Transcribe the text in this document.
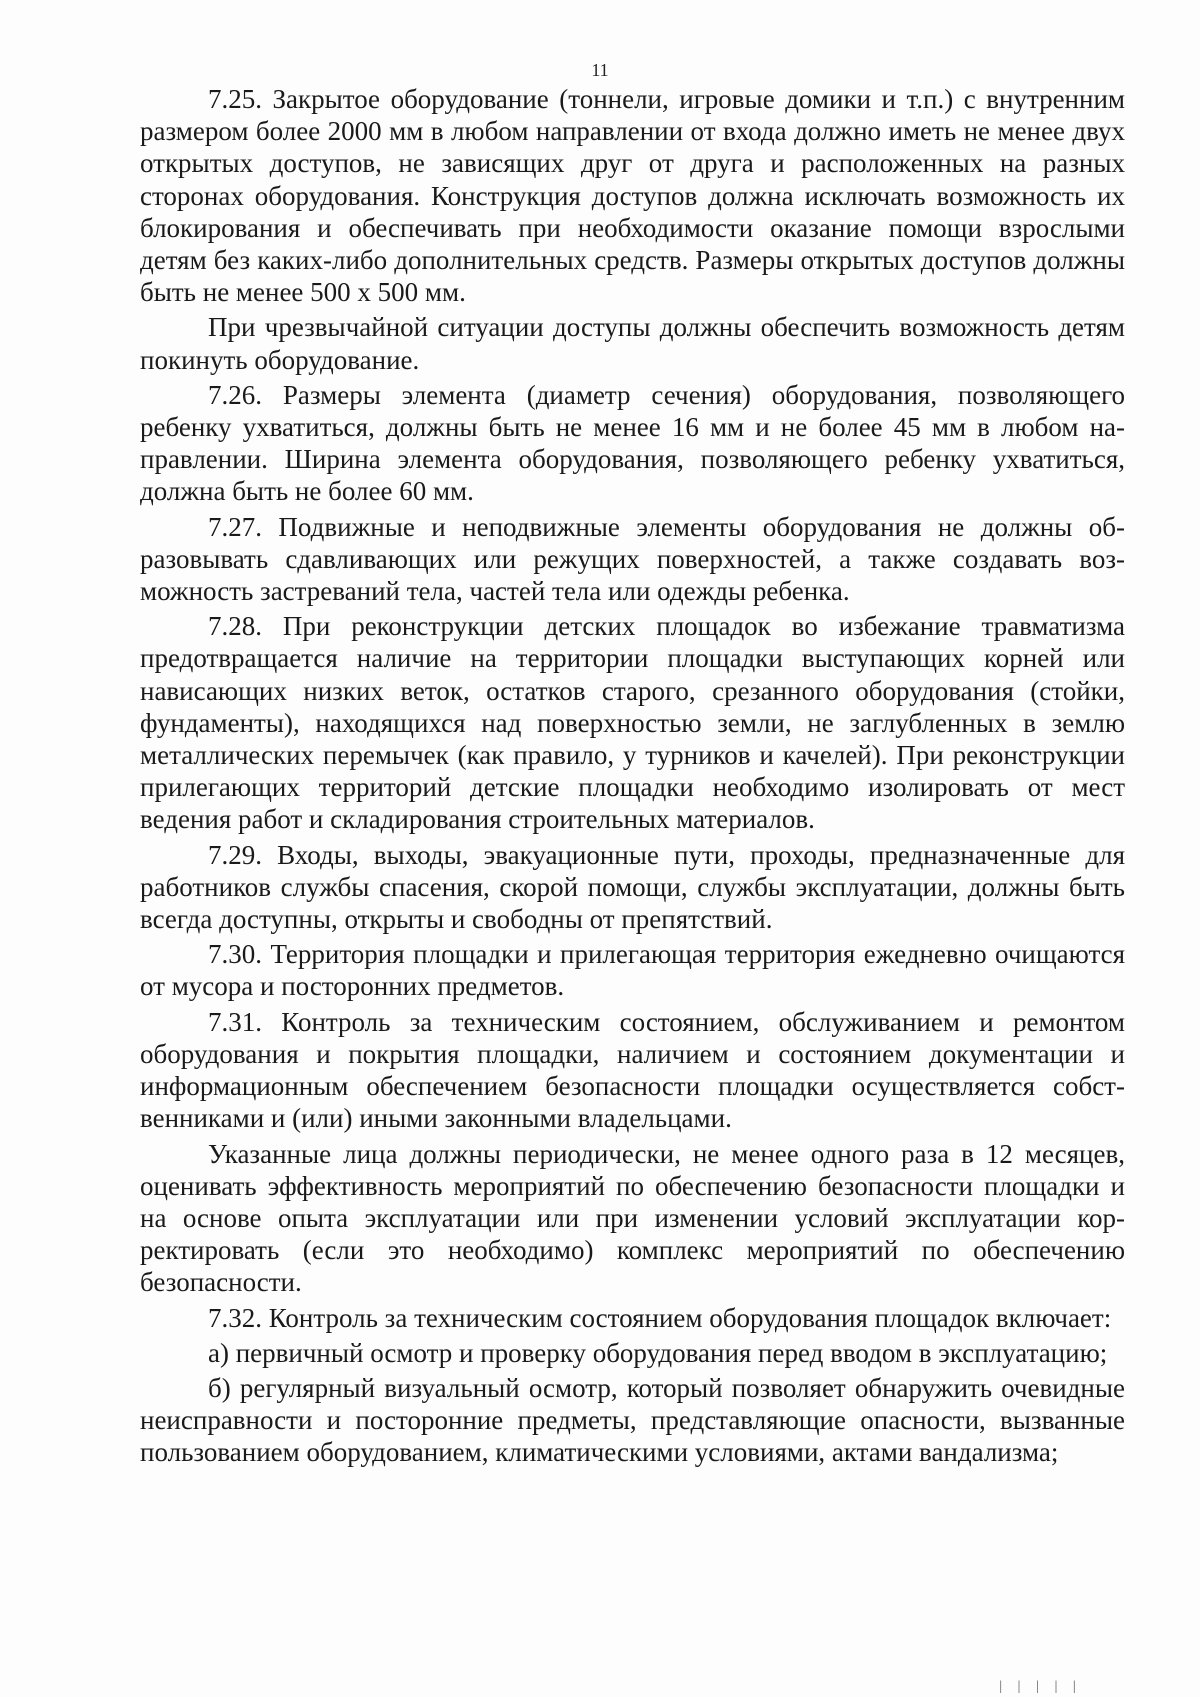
11

7.25. Закрытое оборудование (тоннели, игровые домики и т.п.) с внутренним размером более 2000 мм в любом направлении от входа должно иметь не менее двух открытых доступов, не зависящих друг от друга и расположенных на разных сторонах оборудования. Конструкция доступов должна исключать возможность их блокирования и обеспечивать при необходимости оказание помощи взрослыми детям без каких-либо дополнительных средств. Размеры открытых доступов должны быть не менее 500 х 500 мм.

При чрезвычайной ситуации доступы должны обеспечить возможность детям покинуть оборудование.

7.26. Размеры элемента (диаметр сечения) оборудования, позволяющего ребенку ухватиться, должны быть не менее 16 мм и не более 45 мм в любом направлении. Ширина элемента оборудования, позволяющего ребенку ухватиться, должна быть не более 60 мм.

7.27. Подвижные и неподвижные элементы оборудования не должны образовывать сдавливающих или режущих поверхностей, а также создавать возможность застреваний тела, частей тела или одежды ребенка.

7.28. При реконструкции детских площадок во избежание травматизма предотвращается наличие на территории площадки выступающих корней или нависающих низких веток, остатков старого, срезанного оборудования (стойки, фундаменты), находящихся над поверхностью земли, не заглубленных в землю металлических перемычек (как правило, у турников и качелей). При реконструкции прилегающих территорий детские площадки необходимо изолировать от мест ведения работ и складирования строительных материалов.

7.29. Входы, выходы, эвакуационные пути, проходы, предназначенные для работников службы спасения, скорой помощи, службы эксплуатации, должны быть всегда доступны, открыты и свободны от препятствий.

7.30. Территория площадки и прилегающая территория ежедневно очищаются от мусора и посторонних предметов.

7.31. Контроль за техническим состоянием, обслуживанием и ремонтом оборудования и покрытия площадки, наличием и состоянием документации и информационным обеспечением безопасности площадки осуществляется собственниками и (или) иными законными владельцами.

Указанные лица должны периодически, не менее одного раза в 12 месяцев, оценивать эффективность мероприятий по обеспечению безопасности площадки и на основе опыта эксплуатации или при изменении условий эксплуатации корректировать (если это необходимо) комплекс мероприятий по обеспечению безопасности.

7.32. Контроль за техническим состоянием оборудования площадок включает:

а) первичный осмотр и проверку оборудования перед вводом в эксплуатацию;

б) регулярный визуальный осмотр, который позволяет обнаружить очевидные неисправности и посторонние предметы, представляющие опасности, вызванные пользованием оборудованием, климатическими условиями, актами вандализма;

| | | | |
